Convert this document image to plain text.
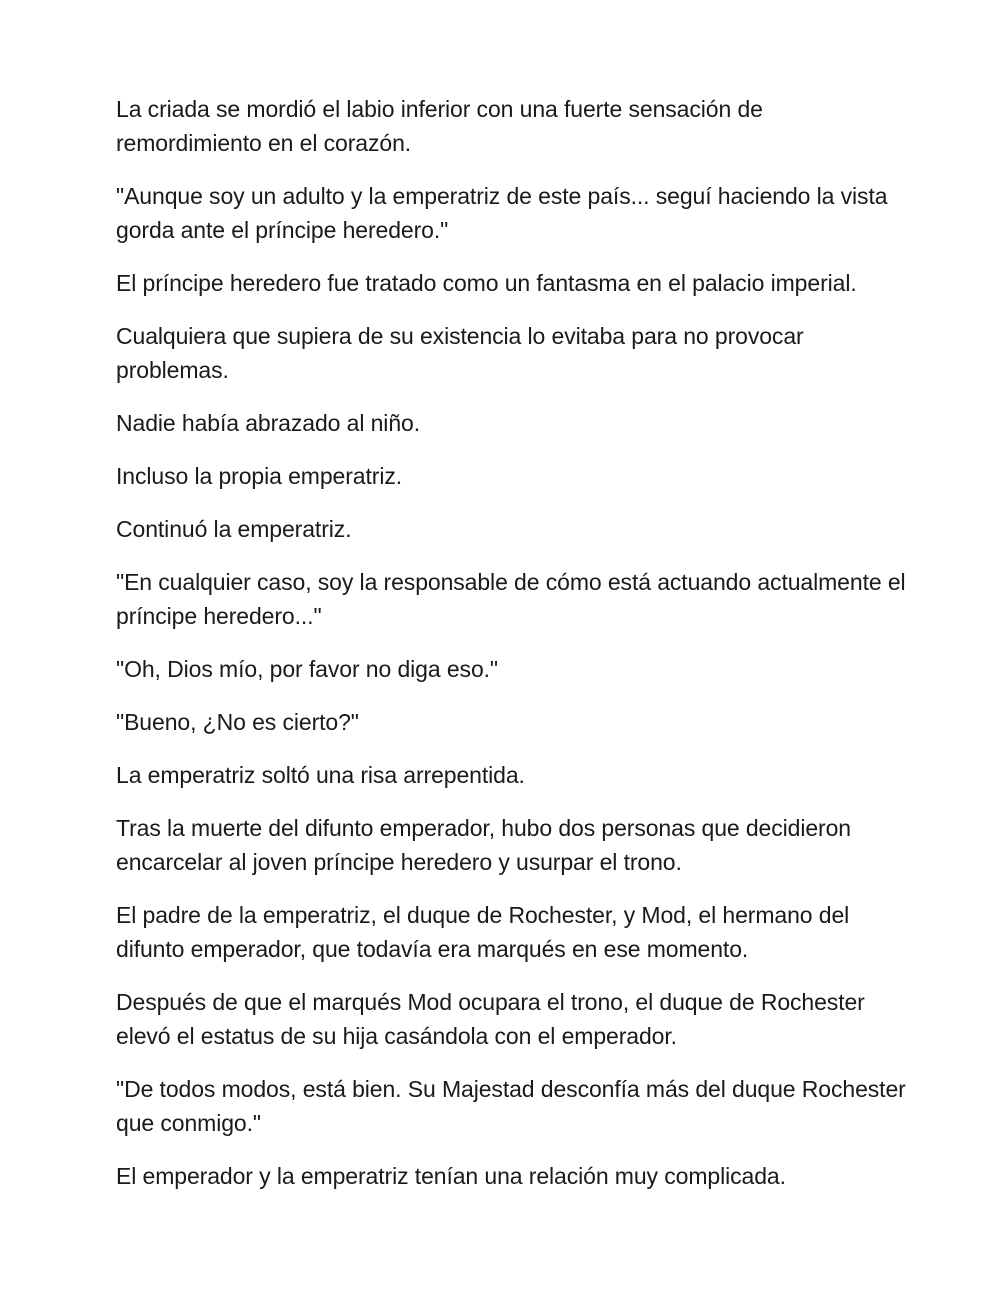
La criada se mordió el labio inferior con una fuerte sensación de remordimiento en el corazón.

"Aunque soy un adulto y la emperatriz de este país... seguí haciendo la vista gorda ante el príncipe heredero."

El príncipe heredero fue tratado como un fantasma en el palacio imperial.

Cualquiera que supiera de su existencia lo evitaba para no provocar problemas.

Nadie había abrazado al niño.

Incluso la propia emperatriz.

Continuó la emperatriz.

"En cualquier caso, soy la responsable de cómo está actuando actualmente el príncipe heredero..."

"Oh, Dios mío, por favor no diga eso."

"Bueno, ¿No es cierto?"

La emperatriz soltó una risa arrepentida.

Tras la muerte del difunto emperador, hubo dos personas que decidieron encarcelar al joven príncipe heredero y usurpar el trono.

El padre de la emperatriz, el duque de Rochester, y Mod, el hermano del difunto emperador, que todavía era marqués en ese momento.

Después de que el marqués Mod ocupara el trono, el duque de Rochester elevó el estatus de su hija casándola con el emperador.

"De todos modos, está bien. Su Majestad desconfía más del duque Rochester que conmigo."

El emperador y la emperatriz tenían una relación muy complicada.
